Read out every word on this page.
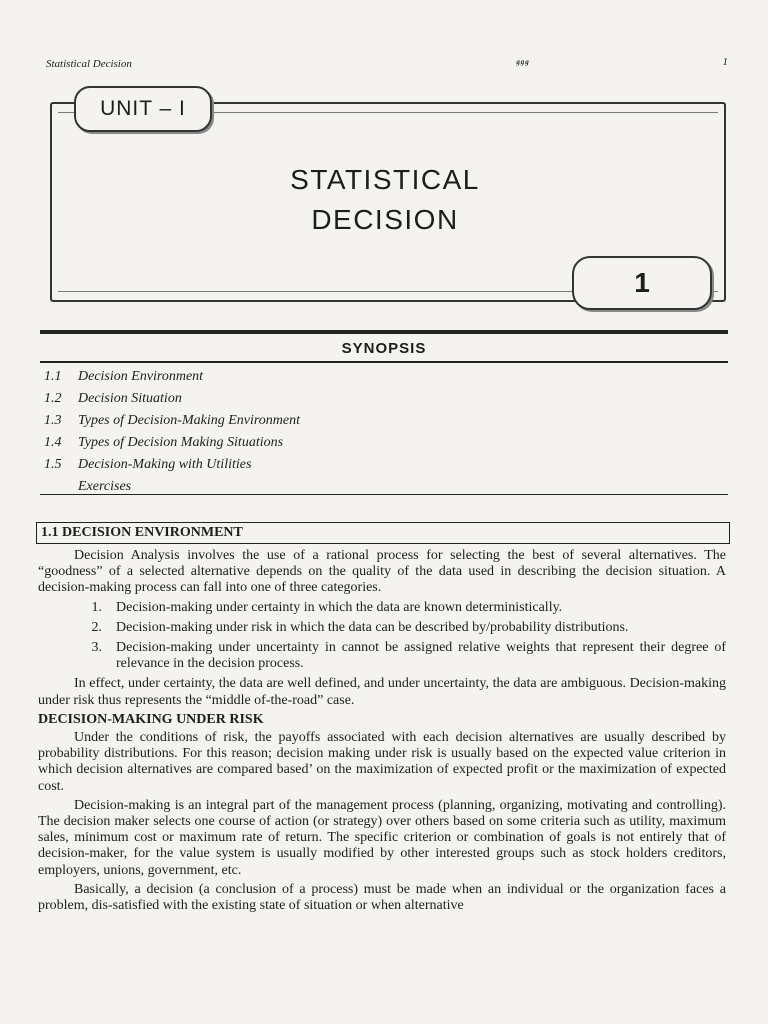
Statistical Decision	ᵍᵍᵍ	1
UNIT – I
STATISTICAL
DECISION
1
SYNOPSIS
1.1	Decision Environment
1.2	Decision Situation
1.3	Types of Decision-Making Environment
1.4	Types of Decision Making Situations
1.5	Decision-Making with Utilities
Exercises
1.1 DECISION ENVIRONMENT

Decision Analysis involves the use of a rational process for selecting the best of several alternatives. The “goodness” of a selected alternative depends on the quality of the data used in describing the decision situation. A decision-making process can fall into one of three categories.

1.	Decision-making under certainty in which the data are known deterministically.
2.	Decision-making under risk in which the data can be described by/probability distributions.
3.	Decision-making under uncertainty in cannot be assigned relative weights that represent their degree of relevance in the decision process.

In effect, under certainty, the data are well defined, and under uncertainty, the data are ambiguous. Decision-making under risk thus represents the “middle of-the-road” case.

DECISION-MAKING UNDER RISK

Under the conditions of risk, the payoffs associated with each decision alternatives are usually described by probability distributions. For this reason; decision making under risk is usually based on the expected value criterion in which decision alternatives are compared based’ on the maximization of expected profit or the maximization of expected cost.

Decision-making is an integral part of the management process (planning, organizing, motivating and controlling). The decision maker selects one course of action (or strategy) over others based on some criteria such as utility, maximum sales, minimum cost or maximum rate of return. The specific criterion or combination of goals is not entirely that of decision-maker, for the value system is usually modified by other interested groups such as stock holders creditors, employers, unions, government, etc.

Basically, a decision (a conclusion of a process) must be made when an individual or the organization faces a problem, dis-satisfied with the existing state of situation or when alternative
